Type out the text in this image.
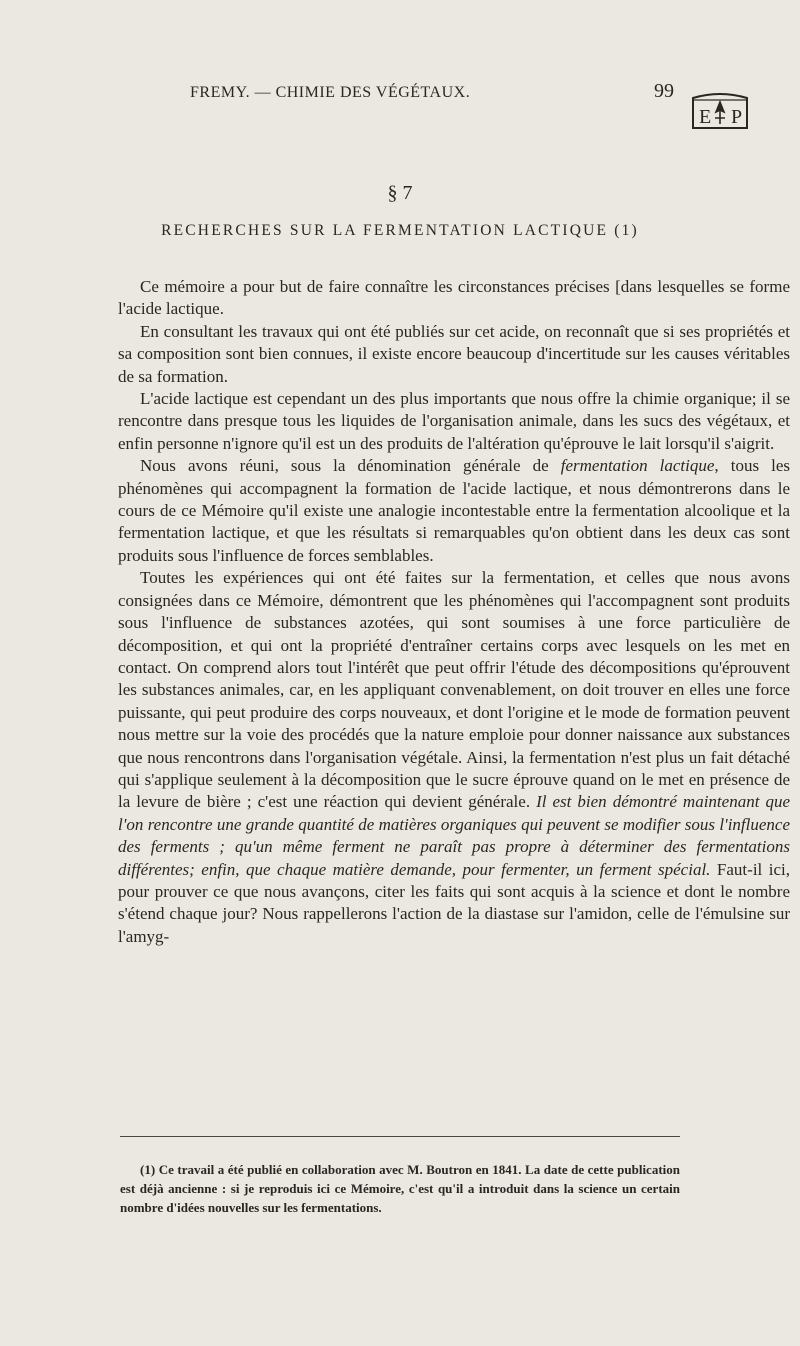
FREMY. — CHIMIE DES VÉGÉTAUX.	99
E P
§ 7
RECHERCHES SUR LA FERMENTATION LACTIQUE (1)

Ce mémoire a pour but de faire connaître les circonstances précises [dans lesquelles se forme l'acide lactique.

En consultant les travaux qui ont été publiés sur cet acide, on reconnaît que si ses propriétés et sa composition sont bien connues, il existe encore beaucoup d'incertitude sur les causes véritables de sa formation.

L'acide lactique est cependant un des plus importants que nous offre la chimie organique; il se rencontre dans presque tous les liquides de l'organisation animale, dans les sucs des végétaux, et enfin personne n'ignore qu'il est un des produits de l'altération qu'éprouve le lait lorsqu'il s'aigrit.

Nous avons réuni, sous la dénomination générale de fermentation lactique, tous les phénomènes qui accompagnent la formation de l'acide lactique, et nous démontrerons dans le cours de ce Mémoire qu'il existe une analogie incontestable entre la fermentation alcoolique et la fermentation lactique, et que les résultats si remarquables qu'on obtient dans les deux cas sont produits sous l'influence de forces semblables.

Toutes les expériences qui ont été faites sur la fermentation, et celles que nous avons consignées dans ce Mémoire, démontrent que les phénomènes qui l'accompagnent sont produits sous l'influence de substances azotées, qui sont soumises à une force particulière de décomposition, et qui ont la propriété d'entraîner certains corps avec lesquels on les met en contact. On comprend alors tout l'intérêt que peut offrir l'étude des décompositions qu'éprouvent les substances animales, car, en les appliquant convenablement, on doit trouver en elles une force puissante, qui peut produire des corps nouveaux, et dont l'origine et le mode de formation peuvent nous mettre sur la voie des procédés que la nature emploie pour donner naissance aux substances que nous rencontrons dans l'organisation végétale. Ainsi, la fermentation n'est plus un fait détaché qui s'applique seulement à la décomposition que le sucre éprouve quand on le met en présence de la levure de bière ; c'est une réaction qui devient générale. Il est bien démontré maintenant que l'on rencontre une grande quantité de matières organiques qui peuvent se modifier sous l'influence des ferments ; qu'un même ferment ne paraît pas propre à déterminer des fermentations différentes; enfin, que chaque matière demande, pour fermenter, un ferment spécial. Faut-il ici, pour prouver ce que nous avançons, citer les faits qui sont acquis à la science et dont le nombre s'étend chaque jour? Nous rappellerons l'action de la diastase sur l'amidon, celle de l'émulsine sur l'amyg-

(1) Ce travail a été publié en collaboration avec M. Boutron en 1841. La date de cette publication est déjà ancienne : si je reproduis ici ce Mémoire, c'est qu'il a introduit dans la science un certain nombre d'idées nouvelles sur les fermentations.
